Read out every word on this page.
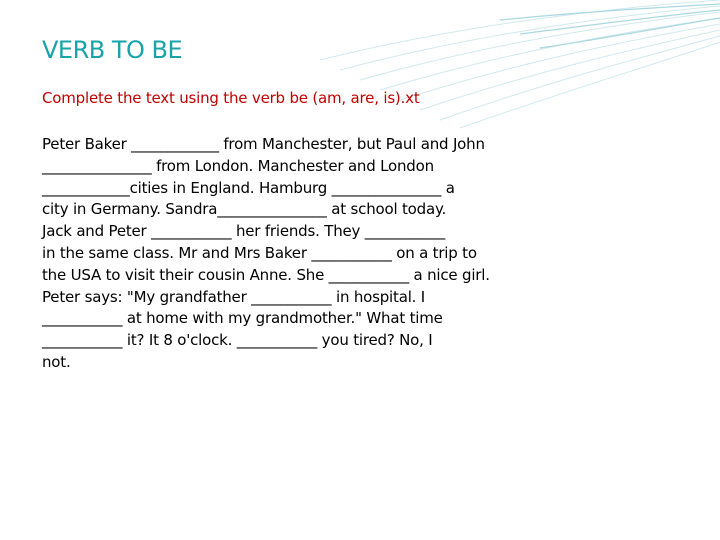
VERB TO BE

Complete the text using the verb be (am, are, is).xt

Peter Baker ____________ from Manchester, but Paul and John
_______________ from London. Manchester and London
____________cities in England. Hamburg _______________ a
city in Germany. Sandra_______________ at school today.
Jack and Peter ___________ her friends. They ___________
in the same class. Mr and Mrs Baker ___________ on a trip to
the USA to visit their cousin Anne. She ___________ a nice girl.
Peter says: "My grandfather ___________ in hospital. I
___________ at home with my grandmother." What time
___________ it? It 8 o'clock. ___________ you tired? No, I
not.
